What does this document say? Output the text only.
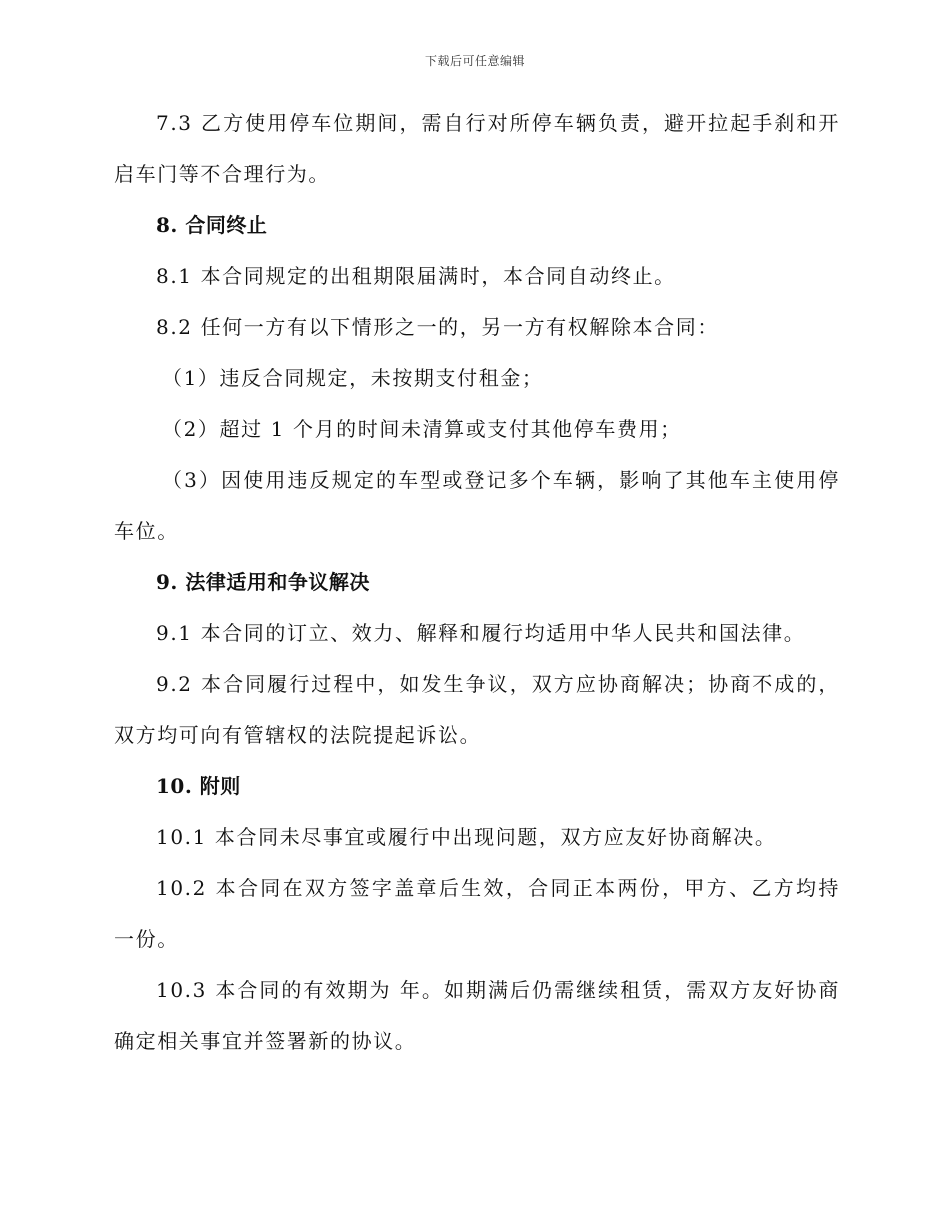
下载后可任意编辑

7.3 乙方使用停车位期间，需自行对所停车辆负责，避开拉起手刹和开启车门等不合理行为。

8. 合同终止

8.1 本合同规定的出租期限届满时，本合同自动终止。

8.2 任何一方有以下情形之一的，另一方有权解除本合同：

（1）违反合同规定，未按期支付租金；

（2）超过 1 个月的时间未清算或支付其他停车费用；

（3）因使用违反规定的车型或登记多个车辆，影响了其他车主使用停车位。

9. 法律适用和争议解决

9.1 本合同的订立、效力、解释和履行均适用中华人民共和国法律。

9.2 本合同履行过程中，如发生争议，双方应协商解决；协商不成的，双方均可向有管辖权的法院提起诉讼。

10. 附则

10.1 本合同未尽事宜或履行中出现问题，双方应友好协商解决。

10.2 本合同在双方签字盖章后生效，合同正本两份，甲方、乙方均持一份。

10.3 本合同的有效期为 年。如期满后仍需继续租赁，需双方友好协商确定相关事宜并签署新的协议。
